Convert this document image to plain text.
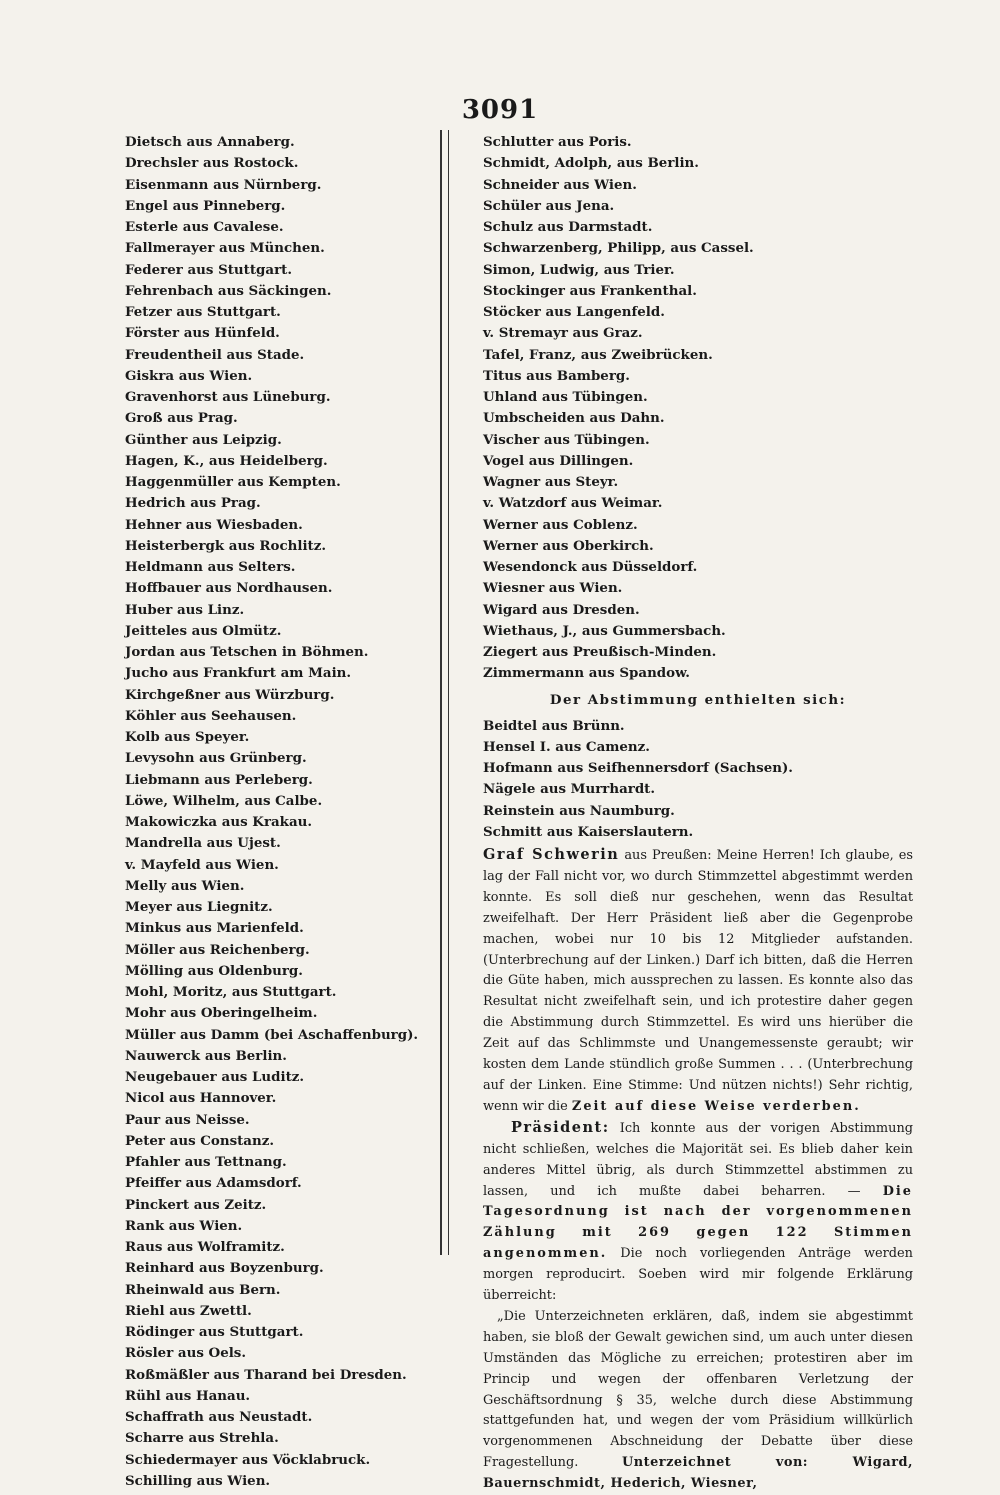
3091
Dietsch aus Annaberg.
Drechsler aus Rostock.
Eisenmann aus Nürnberg.
Engel aus Pinneberg.
Esterle aus Cavalese.
Fallmerayer aus München.
Federer aus Stuttgart.
Fehrenbach aus Säckingen.
Fetzer aus Stuttgart.
Förster aus Hünfeld.
Freudentheil aus Stade.
Giskra aus Wien.
Gravenhorst aus Lüneburg.
Groß aus Prag.
Günther aus Leipzig.
Hagen, K., aus Heidelberg.
Haggenmüller aus Kempten.
Hedrich aus Prag.
Hehner aus Wiesbaden.
Heisterbergk aus Rochlitz.
Heldmann aus Selters.
Hoffbauer aus Nordhausen.
Huber aus Linz.
Jeitteles aus Olmütz.
Jordan aus Tetschen in Böhmen.
Jucho aus Frankfurt am Main.
Kirchgeßner aus Würzburg.
Köhler aus Seehausen.
Kolb aus Speyer.
Levysohn aus Grünberg.
Liebmann aus Perleberg.
Löwe, Wilhelm, aus Calbe.
Makowiczka aus Krakau.
Mandrella aus Ujest.
v. Mayfeld aus Wien.
Melly aus Wien.
Meyer aus Liegnitz.
Minkus aus Marienfeld.
Möller aus Reichenberg.
Mölling aus Oldenburg.
Mohl, Moritz, aus Stuttgart.
Mohr aus Oberingelheim.
Müller aus Damm (bei Aschaffenburg).
Nauwerck aus Berlin.
Neugebauer aus Luditz.
Nicol aus Hannover.
Paur aus Neisse.
Peter aus Constanz.
Pfahler aus Tettnang.
Pfeiffer aus Adamsdorf.
Pinckert aus Zeitz.
Rank aus Wien.
Raus aus Wolframitz.
Reinhard aus Boyzenburg.
Rheinwald aus Bern.
Riehl aus Zwettl.
Rödinger aus Stuttgart.
Rösler aus Oels.
Roßmäßler aus Tharand bei Dresden.
Rühl aus Hanau.
Schaffrath aus Neustadt.
Scharre aus Strehla.
Schiedermayer aus Vöcklabruck.
Schilling aus Wien.
Schlutter aus Poris.
Schmidt, Adolph, aus Berlin.
Schneider aus Wien.
Schüler aus Jena.
Schulz aus Darmstadt.
Schwarzenberg, Philipp, aus Cassel.
Simon, Ludwig, aus Trier.
Stockinger aus Frankenthal.
Stöcker aus Langenfeld.
v. Stremayr aus Graz.
Tafel, Franz, aus Zweibrücken.
Titus aus Bamberg.
Uhland aus Tübingen.
Umbscheiden aus Dahn.
Vischer aus Tübingen.
Vogel aus Dillingen.
Wagner aus Steyr.
v. Watzdorf aus Weimar.
Werner aus Coblenz.
Werner aus Oberkirch.
Wesendonck aus Düsseldorf.
Wiesner aus Wien.
Wigard aus Dresden.
Wiethaus, J., aus Gummersbach.
Ziegert aus Preußisch-Minden.
Zimmermann aus Spandow.
Der Abstimmung enthielten sich:
Beidtel aus Brünn.
Hensel I. aus Camenz.
Hofmann aus Seifhennersdorf (Sachsen).
Nägele aus Murrhardt.
Reinstein aus Naumburg.
Schmitt aus Kaiserslautern.

Graf Schwerin aus Preußen: Meine Herren! Ich glaube, es lag der Fall nicht vor, wo durch Stimmzettel abgestimmt werden konnte. Es soll dieß nur geschehen, wenn das Resultat zweifelhaft. Der Herr Präsident ließ aber die Gegenprobe machen, wobei nur 10 bis 12 Mitglieder aufstanden. (Unterbrechung auf der Linken.) Darf ich bitten, daß die Herren die Güte haben, mich aussprechen zu lassen. Es konnte also das Resultat nicht zweifelhaft sein, und ich protestire daher gegen die Abstimmung durch Stimmzettel. Es wird uns hierüber die Zeit auf das Schlimmste und Unangemessenste geraubt; wir kosten dem Lande stündlich große Summen . . . (Unterbrechung auf der Linken. Eine Stimme: Und nützen nichts!) Sehr richtig, wenn wir die Zeit auf diese Weise verderben.

Präsident: Ich konnte aus der vorigen Abstimmung nicht schließen, welches die Majorität sei. Es blieb daher kein anderes Mittel übrig, als durch Stimmzettel abstimmen zu lassen, und ich mußte dabei beharren. — Die Tagesordnung ist nach der vorgenommenen Zählung mit 269 gegen 122 Stimmen angenommen. Die noch vorliegenden Anträge werden morgen reproducirt. Soeben wird mir folgende Erklärung überreicht:

„Die Unterzeichneten erklären, daß, indem sie abgestimmt haben, sie bloß der Gewalt gewichen sind, um auch unter diesen Umständen das Mögliche zu erreichen; protestiren aber im Princip und wegen der offenbaren Verletzung der Geschäftsordnung § 35, welche durch diese Abstimmung stattgefunden hat, und wegen der vom Präsidium willkürlich vorgenommenen Abschneidung der Debatte über diese Fragestellung.	Unterzeichnet von: Wigard, Bauernschmidt, Hederich, Wiesner,
